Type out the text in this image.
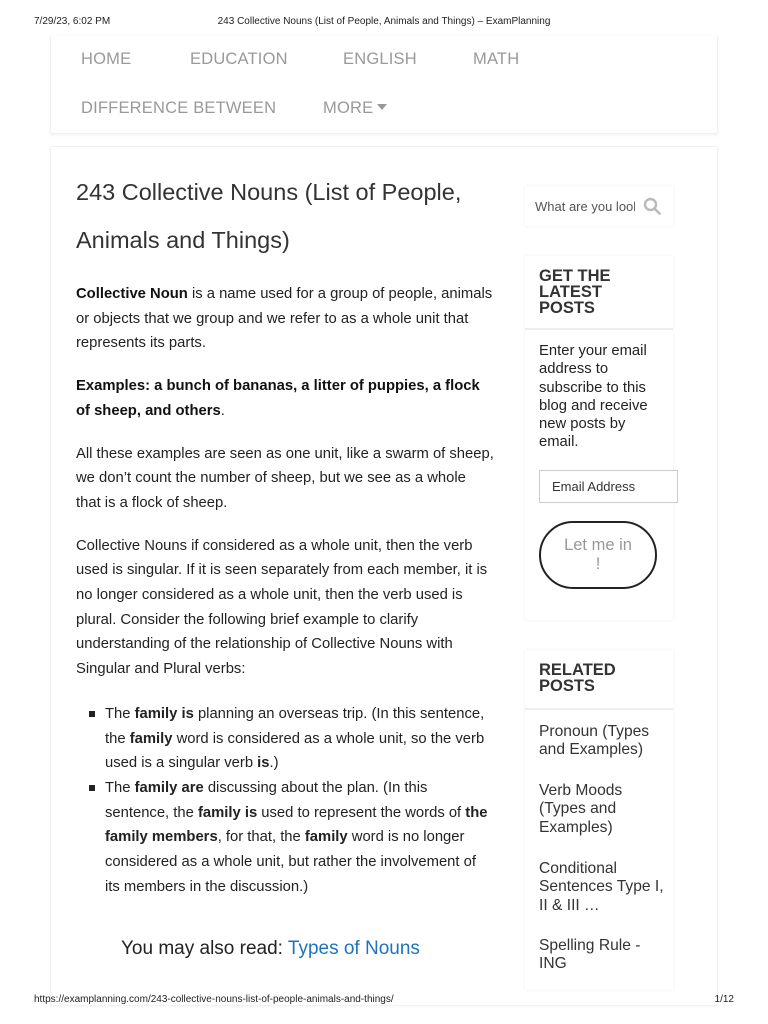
7/29/23, 6:02 PM	243 Collective Nouns (List of People, Animals and Things) – ExamPlanning
HOME	EDUCATION	ENGLISH	MATH
DIFFERENCE BETWEEN	MORE
243 Collective Nouns (List of People, Animals and Things)

Collective Noun is a name used for a group of people, animals or objects that we group and we refer to as a whole unit that represents its parts.

Examples: a bunch of bananas, a litter of puppies, a flock of sheep, and others.

All these examples are seen as one unit, like a swarm of sheep, we don’t count the number of sheep, but we see as a whole that is a flock of sheep.

Collective Nouns if considered as a whole unit, then the verb used is singular. If it is seen separately from each member, it is no longer considered as a whole unit, then the verb used is plural. Consider the following brief example to clarify understanding of the relationship of Collective Nouns with Singular and Plural verbs:

The family is planning an overseas trip. (In this sentence, the family word is considered as a whole unit, so the verb used is a singular verb is.)
The family are discussing about the plan. (In this sentence, the family is used to represent the words of the family members, for that, the family word is no longer considered as a whole unit, but rather the involvement of its members in the discussion.)
You may also read: Types of Nouns
What are you looking for?
GET THE LATEST POSTS
Enter your email address to subscribe to this blog and receive new posts by email.
Email Address
Let me in !
RELATED POSTS
Pronoun (Types and Examples)
Verb Moods (Types and Examples)
Conditional Sentences Type I, II & III …
Spelling Rule - ING
https://examplanning.com/243-collective-nouns-list-of-people-animals-and-things/	1/12
